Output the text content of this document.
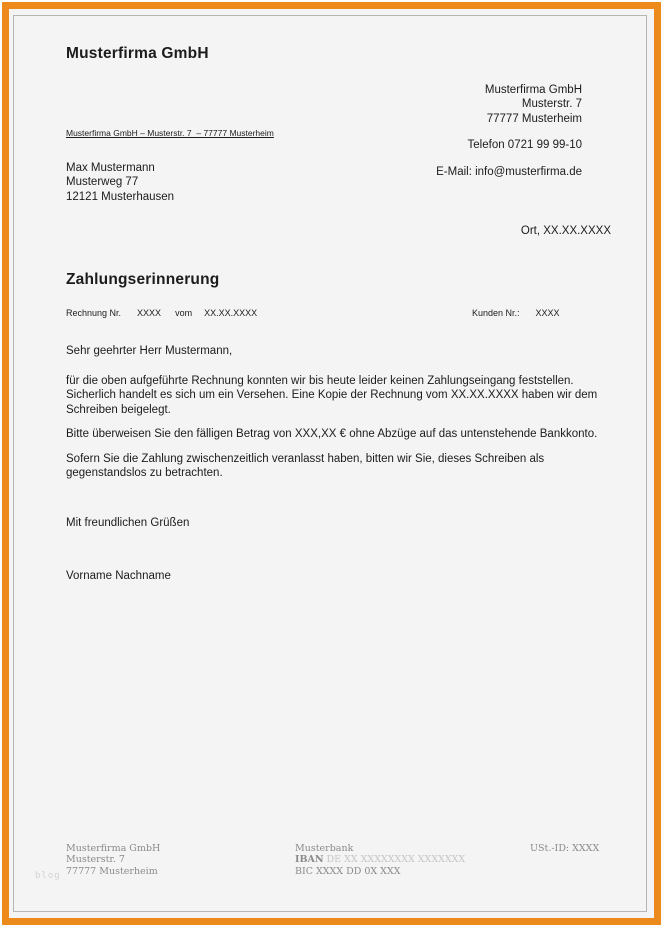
Musterfirma GmbH
Musterfirma GmbH
Musterstr. 7
77777 Musterheim
Telefon 0721 99 99-10
E-Mail: info@musterfirma.de
Musterfirma GmbH – Musterstr. 7  – 77777 Musterheim
Max Mustermann
Musterweg 77
12121 Musterhausen
Ort, XX.XX.XXXX
Zahlungserinnerung
Rechnung Nr. XXXX vom XX.XX.XXXX	Kunden Nr.: XXXX
Sehr geehrter Herr Mustermann,
für die oben aufgeführte Rechnung konnten wir bis heute leider keinen Zahlungseingang feststellen.
Sicherlich handelt es sich um ein Versehen. Eine Kopie der Rechnung vom XX.XX.XXXX haben wir dem
Schreiben beigelegt.
Bitte überweisen Sie den fälligen Betrag von XXX,XX € ohne Abzüge auf das untenstehende Bankkonto.
Sofern Sie die Zahlung zwischenzeitlich veranlasst haben, bitten wir Sie, dieses Schreiben als
gegenstandslos zu betrachten.
Mit freundlichen Grüßen
Vorname Nachname
Musterfirma GmbH
Musterstr. 7
77777 Musterheim
Musterbank
IBAN DE XX XXXXXXXX XXXXXXX
BIC XXXX DD 0X XXX
USt.-ID: XXXX
blog
